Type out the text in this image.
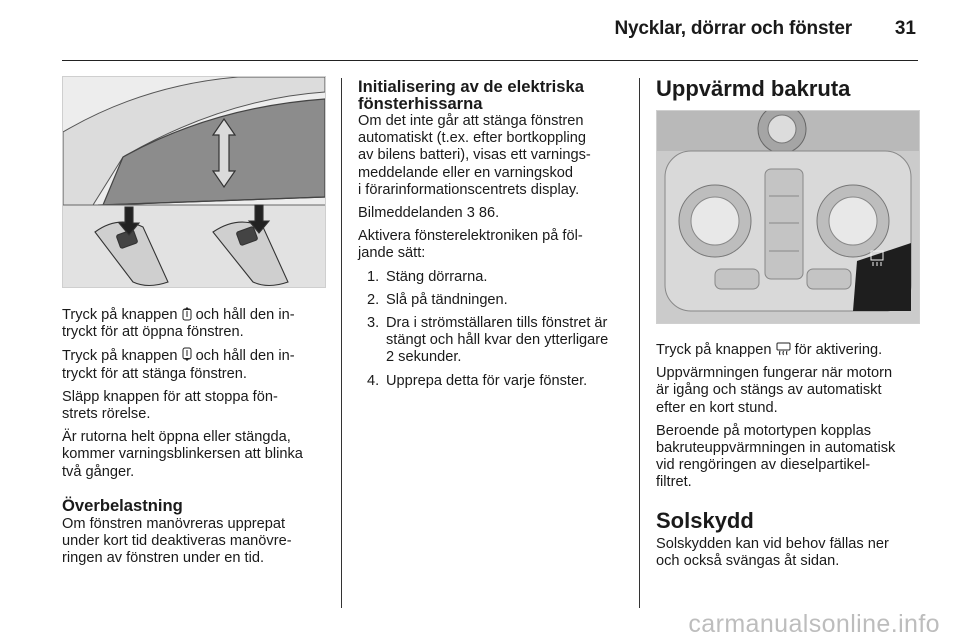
Nycklar, dörrar och fönster 31

Tryck på knappen  och håll den in-
tryckt för att öppna fönstren.

Tryck på knappen  och håll den in-
tryckt för att stänga fönstren.

Släpp knappen för att stoppa fön-
strets rörelse.

Är rutorna helt öppna eller stängda,
kommer varningsblinkersen att blinka
två gånger.

Överbelastning

Om fönstren manövreras upprepat
under kort tid deaktiveras manövre-
ringen av fönstren under en tid.

Initialisering av de elektriska
fönsterhissarna

Om det inte går att stänga fönstren
automatiskt (t.ex. efter bortkoppling
av bilens batteri), visas ett varnings-
meddelande eller en varningskod
i förarinformationscentrets display.

Bilmeddelanden 3 86.

Aktivera fönsterelektroniken på föl-
jande sätt:

1. Stäng dörrarna.
2. Slå på tändningen.
3. Dra i strömställaren tills fönstret är
stängt och håll kvar den ytterligare
2 sekunder.
4. Upprepa detta för varje fönster.
Uppvärmd bakruta

Tryck på knappen  för aktivering.

Uppvärmningen fungerar när motorn
är igång och stängs av automatiskt
efter en kort stund.

Beroende på motortypen kopplas
bakruteuppvärmningen in automatisk
vid rengöringen av dieselpartikel-
filtret.

Solskydd

Solskydden kan vid behov fällas ner
och också svängas åt sidan.

carmanualsonline.info
